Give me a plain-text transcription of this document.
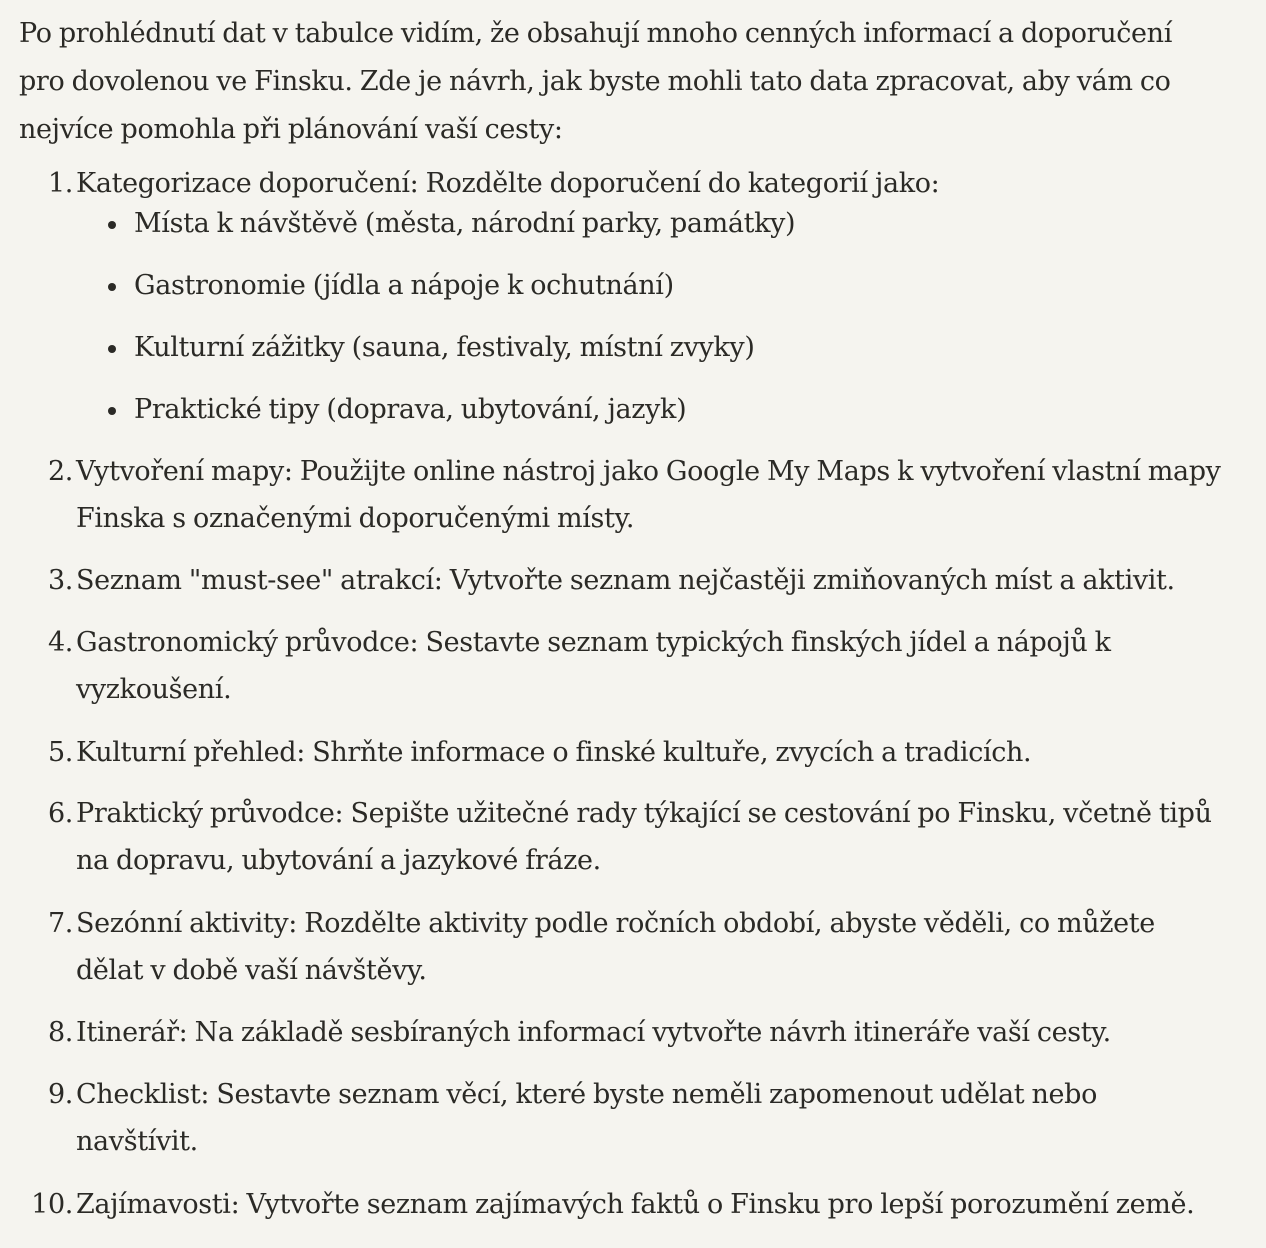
Po prohlédnutí dat v tabulce vidím, že obsahují mnoho cenných informací a doporučení pro dovolenou ve Finsku. Zde je návrh, jak byste mohli tato data zpracovat, aby vám co nejvíce pomohla při plánování vaší cesty:

1. Kategorizace doporučení: Rozdělte doporučení do kategorií jako:
2. Vytvoření mapy: Použijte online nástroj jako Google My Maps k vytvoření vlastní mapy Finska s označenými doporučenými místy.
3. Seznam "must-see" atrakcí: Vytvořte seznam nejčastěji zmiňovaných míst a aktivit.
4. Gastronomický průvodce: Sestavte seznam typických finských jídel a nápojů k vyzkoušení.
5. Kulturní přehled: Shrňte informace o finské kultuře, zvycích a tradicích.
6. Praktický průvodce: Sepište užitečné rady týkající se cestování po Finsku, včetně tipů na dopravu, ubytování a jazykové fráze.
7. Sezónní aktivity: Rozdělte aktivity podle ročních období, abyste věděli, co můžete dělat v době vaší návštěvy.
8. Itinerář: Na základě sesbíraných informací vytvořte návrh itineráře vaší cesty.
9. Checklist: Sestavte seznam věcí, které byste neměli zapomenout udělat nebo navštívit.
10. Zajímavosti: Vytvořte seznam zajímavých faktů o Finsku pro lepší porozumění země.
Místa k návštěvě (města, národní parky, památky)
Gastronomie (jídla a nápoje k ochutnání)
Kulturní zážitky (sauna, festivaly, místní zvyky)
Praktické tipy (doprava, ubytování, jazyk)
